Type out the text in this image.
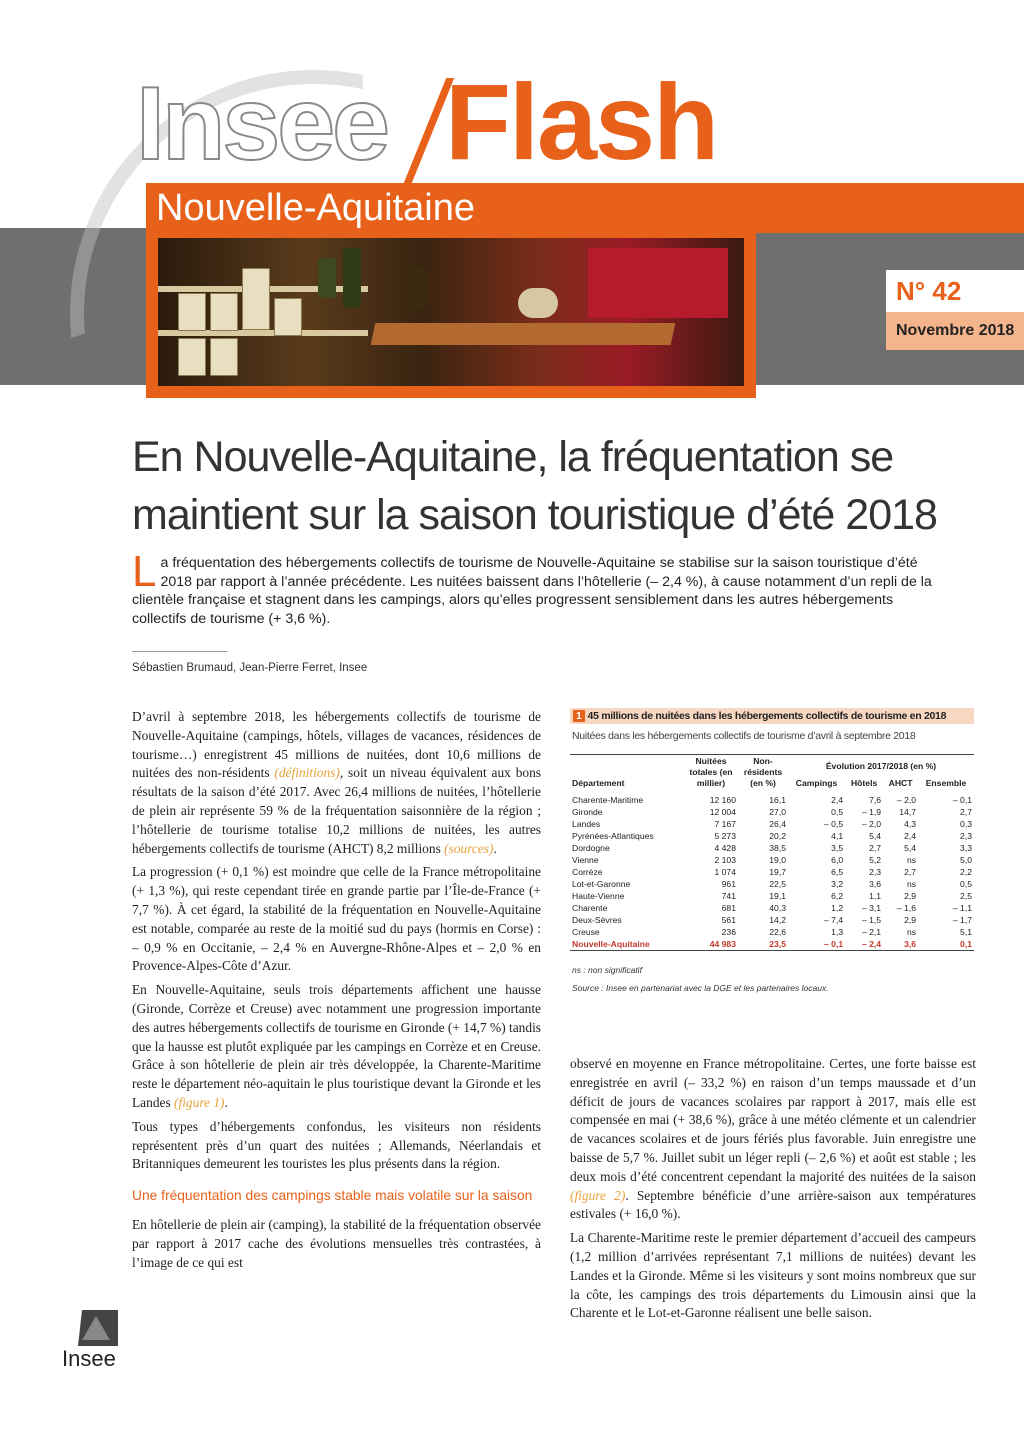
Insee Flash
Nouvelle-Aquitaine
N° 42
Novembre 2018
En Nouvelle-Aquitaine, la fréquentation se maintient sur la saison touristique d’été 2018

La fréquentation des hébergements collectifs de tourisme de Nouvelle-Aquitaine se stabilise sur la saison touristique d’été 2018 par rapport à l’année précédente. Les nuitées baissent dans l’hôtellerie (– 2,4 %), à cause notamment d’un repli de la clientèle française et stagnent dans les campings, alors qu’elles progressent sensiblement dans les autres hébergements collectifs de tourisme (+ 3,6 %).

Sébastien Brumaud, Jean-Pierre Ferret, Insee

D’avril à septembre 2018, les hébergements collectifs de tourisme de Nouvelle-Aquitaine (campings, hôtels, villages de vacances, résidences de tourisme…) enregistrent 45 millions de nuitées, dont 10,6 millions de nuitées des non-résidents (définitions), soit un niveau équivalent aux bons résultats de la saison d’été 2017. Avec 26,4 millions de nuitées, l’hôtellerie de plein air représente 59 % de la fréquentation saisonnière de la région ; l’hôtellerie de tourisme totalise 10,2 millions de nuitées, les autres hébergements collectifs de tourisme (AHCT) 8,2 millions (sources).

La progression (+ 0,1 %) est moindre que celle de la France métropolitaine (+ 1,3 %), qui reste cependant tirée en grande partie par l’Île-de-France (+ 7,7 %). À cet égard, la stabilité de la fréquentation en Nouvelle-Aquitaine est notable, comparée au reste de la moitié sud du pays (hormis en Corse) : – 0,9 % en Occitanie, – 2,4 % en Auvergne-Rhône-Alpes et – 2,0 % en Provence-Alpes-Côte d’Azur.

En Nouvelle-Aquitaine, seuls trois départements affichent une hausse (Gironde, Corrèze et Creuse) avec notamment une progression importante des autres hébergements collectifs de tourisme en Gironde (+ 14,7 %) tandis que la hausse est plutôt expliquée par les campings en Corrèze et en Creuse. Grâce à son hôtellerie de plein air très développée, la Charente-Maritime reste le département néo-aquitain le plus touristique devant la Gironde et les Landes (figure 1).

Tous types d’hébergements confondus, les visiteurs non résidents représentent près d’un quart des nuitées ; Allemands, Néerlandais et Britanniques demeurent les touristes les plus présents dans la région.

Une fréquentation des campings stable mais volatile sur la saison

En hôtellerie de plein air (camping), la stabilité de la fréquentation observée par rapport à 2017 cache des évolutions mensuelles très contrastées, à l’image de ce qui est

1 45 millions de nuitées dans les hébergements collectifs de tourisme en 2018
Nuitées dans les hébergements collectifs de tourisme d’avril à septembre 2018
Département	Nuitées totales (en millier)	Non-résidents (en %)	Évolution 2017/2018 (en %)			
			Campings	Hôtels	AHCT	Ensemble
Charente-Maritime	12 160	16,1	2,4	7,6	– 2,0	– 0,1
Gironde	12 004	27,0	0,5	– 1,9	14,7	2,7
Landes	7 167	26,4	– 0,5	– 2,0	4,3	0,3
Pyrénées-Atlantiques	5 273	20,2	4,1	5,4	2,4	2,3
Dordogne	4 428	38,5	3,5	2,7	5,4	3,3
Vienne	2 103	19,0	6,0	5,2	ns	5,0
Corrèze	1 074	19,7	6,5	2,3	2,7	2,2
Lot-et-Garonne	961	22,5	3,2	3,6	ns	0,5
Haute-Vienne	741	19,1	6,2	1,1	2,9	2,5
Charente	681	40,3	1,2	– 3,1	– 1,6	– 1,1
Deux-Sèvres	561	14,2	– 7,4	– 1,5	2,9	– 1,7
Creuse	236	22,6	1,3	– 2,1	ns	5,1
Nouvelle-Aquitaine	44 983	23,5	– 0,1	– 2,4	3,6	0,1
ns : non significatif
Source : Insee en partenariat avec la DGE et les partenaires locaux.

observé en moyenne en France métropolitaine. Certes, une forte baisse est enregistrée en avril (– 33,2 %) en raison d’un temps maussade et d’un déficit de jours de vacances scolaires par rapport à 2017, mais elle est compensée en mai (+ 38,6 %), grâce à une météo clémente et un calendrier de vacances scolaires et de jours fériés plus favorable. Juin enregistre une baisse de 5,7 %. Juillet subit un léger repli (– 2,6 %) et août est stable ; les deux mois d’été concentrent cependant la majorité des nuitées de la saison (figure 2). Septembre bénéficie d’une arrière-saison aux températures estivales (+ 16,0 %).

La Charente-Maritime reste le premier département d’accueil des campeurs (1,2 million d’arrivées représentant 7,1 millions de nuitées) devant les Landes et la Gironde. Même si les visiteurs y sont moins nombreux que sur la côte, les campings des trois départements du Limousin ainsi que la Charente et le Lot-et-Garonne réalisent une belle saison.

Insee
